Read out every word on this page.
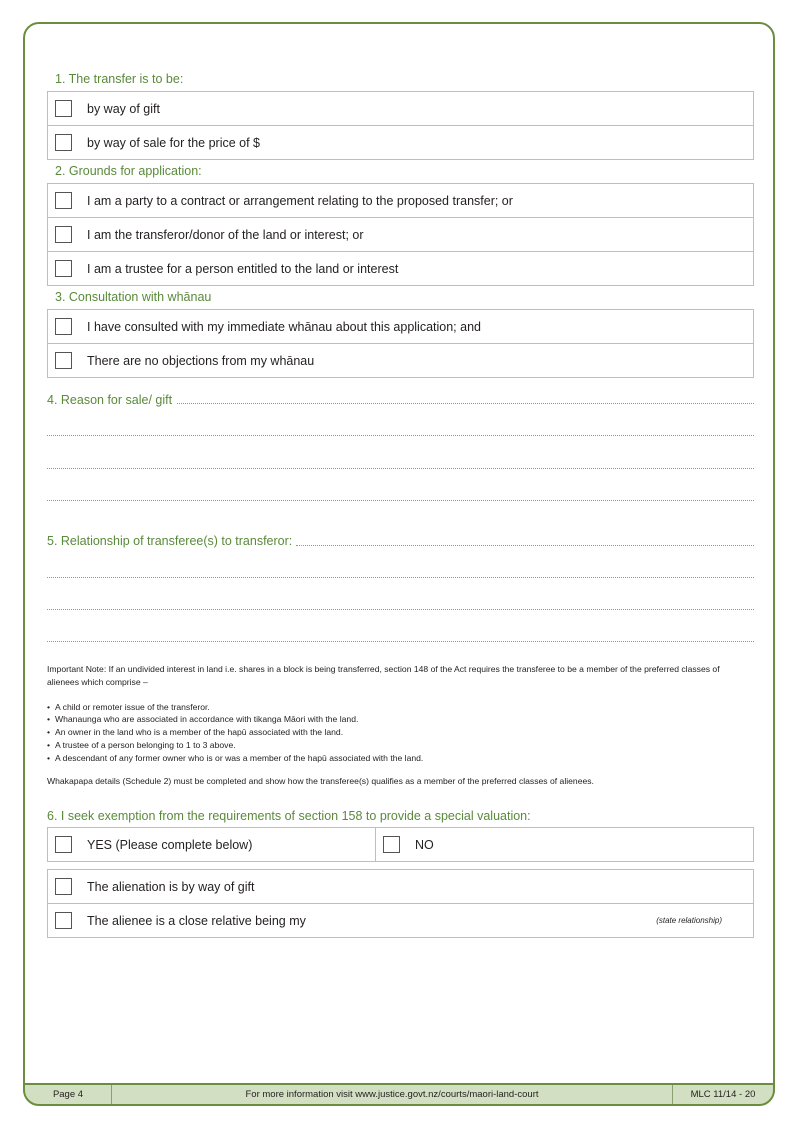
1. The transfer is to be:
by way of gift
by way of sale for the price of $
2. Grounds for application:
I am a party to a contract or arrangement relating to the proposed transfer; or
I am the transferor/donor of the land or interest; or
I am a trustee for a person entitled to the land or interest
3. Consultation with whānau
I have consulted with my immediate whānau about this application; and
There are no objections from my whānau
4. Reason for sale/ gift
5. Relationship of transferee(s) to transferor:
Important Note: If an undivided interest in land i.e. shares in a block is being transferred, section 148 of the Act requires the transferee to be a member of the preferred classes of alienees which comprise –
• A child or remoter issue of the transferor.
• Whanaunga who are associated in accordance with tikanga Māori with the land.
• An owner in the land who is a member of the hapū associated with the land.
• A trustee of a person belonging to 1 to 3 above.
• A descendant of any former owner who is or was a member of the hapū associated with the land.
Whakapapa details (Schedule 2) must be completed and show how the transferee(s) qualifies as a member of the preferred classes of alienees.
6. I seek exemption from the requirements of section 158 to provide a special valuation:
YES (Please complete below)	NO
The alienation is by way of gift
The alienee is a close relative being my	(state relationship)
Page 4	For more information visit www.justice.govt.nz/courts/maori-land-court	MLC 11/14 - 20
